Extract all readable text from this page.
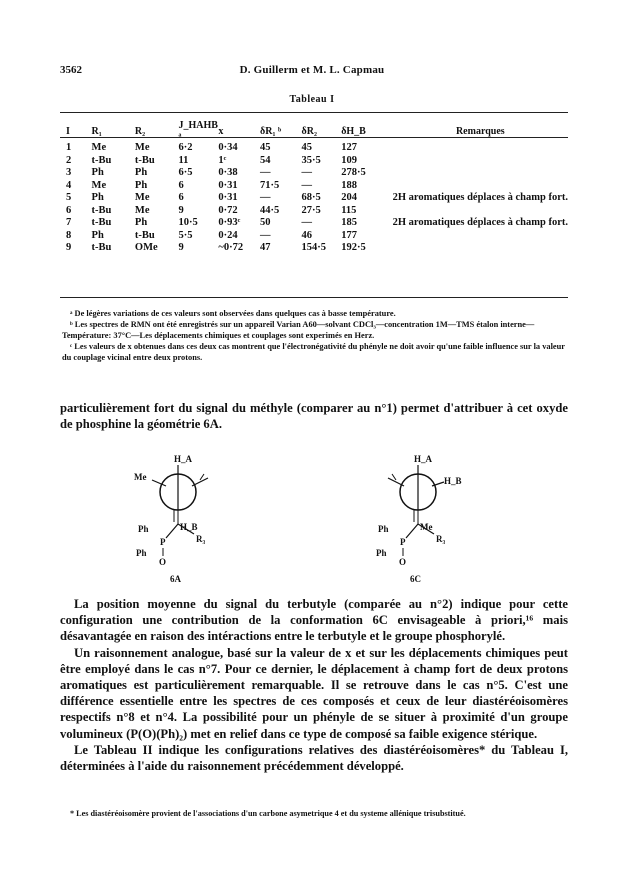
3562	D. Guillerm et M. L. Capmau
Tableau I
I	R₁	R₂	J_HAHB ᵃ	x	δR₁ ᵇ	δR₂	δH_B	Remarques
1	Me	Me	6·2	0·34	45	45	127	
2	t-Bu	t-Bu	11	1ᶜ	54	35·5	109	
3	Ph	Ph	6·5	0·38	—	—	278·5	
4	Me	Ph	6	0·31	71·5	—	188	
5	Ph	Me	6	0·31	—	68·5	204	2H aromatiques déplaces à champ fort.
6	t-Bu	Me	9	0·72	44·5	27·5	115	
7	t-Bu	Ph	10·5	0·93ᶜ	50	—	185	2H aromatiques déplaces à champ fort.
8	Ph	t-Bu	5·5	0·24	—	46	177	
9	t-Bu	OMe	9	~0·72	47	154·5	192·5	

ᵃ De légères variations de ces valeurs sont observées dans quelques cas à basse température.

ᵇ Les spectres de RMN ont été enregistrés sur un appareil Varian A60—solvant CDCl₃—concentration 1M—TMS étalon interne—Température: 37°C—Les déplacements chimiques et couplages sont experimés en Herz.

ᶜ Les valeurs de x obtenues dans ces deux cas montrent que l'électronégativité du phényle ne doit avoir qu'une faible influence sur la valeur du couplage vicinal entre deux protons.

particulièrement fort du signal du méthyle (comparer au n°1) permet d'attribuer à cet oxyde de phosphine la géométrie 6A.

H_A
Me
H_B
R₃
Ph
P
Ph
O
6A
H_A
H_B
Me
R₃
Ph
P
Ph
O
6C

La position moyenne du signal du terbutyle (comparée au n°2) indique pour cette configuration une contribution de la conformation 6C envisageable à priori,¹⁶ mais désavantagée en raison des intéractions entre le terbutyle et le groupe phosphorylé.

Un raisonnement analogue, basé sur la valeur de x et sur les déplacements chimiques peut être employé dans le cas n°7. Pour ce dernier, le déplacement à champ fort de deux protons aromatiques est particulièrement remarquable. Il se retrouve dans le cas n°5. C'est une différence essentielle entre les spectres de ces composés et ceux de leur diastéréoisomères respectifs n°8 et n°4. La possibilité pour un phényle de se situer à proximité d'un groupe volumineux (P(O)(Ph)₂) met en relief dans ce type de composé sa faible exigence stérique.

Le Tableau II indique les configurations relatives des diastéréoisomères* du Tableau I, déterminées à l'aide du raisonnement précédemment développé.

* Les diastéréoisomère provient de l'associations d'un carbone asymetrique 4 et du systeme allénique trisubstitué.
